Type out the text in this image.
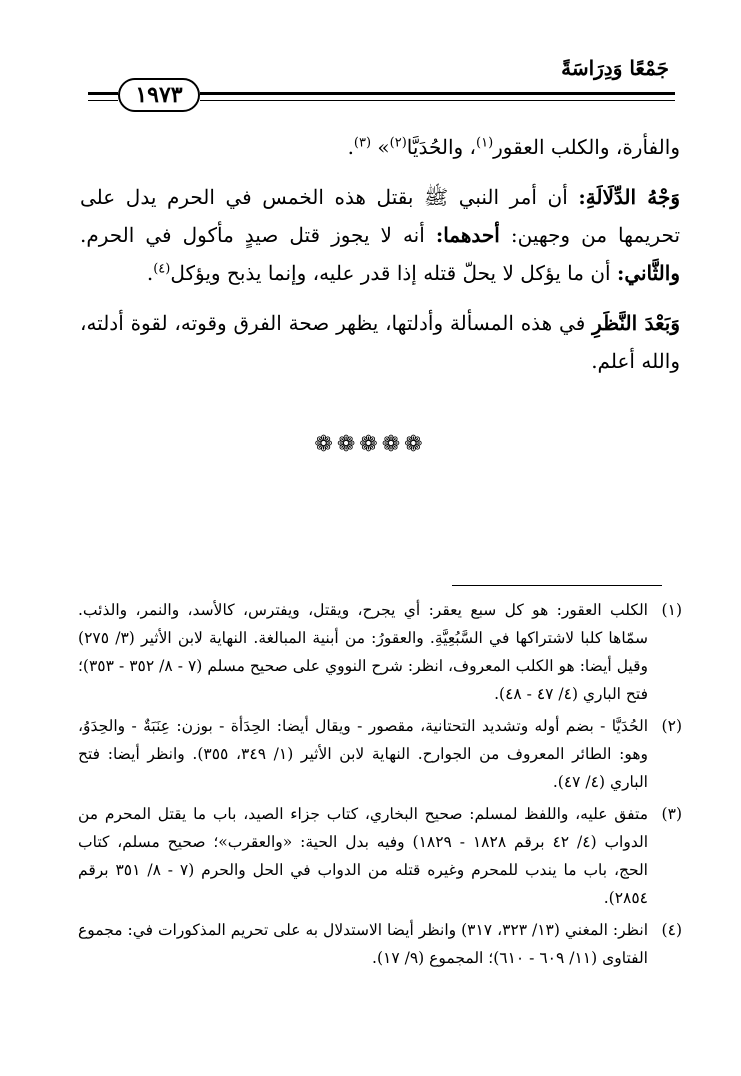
جَمْعًا وَدِرَاسَةً
١٩٧٣

والفأرة، والكلب العقور$^{(١)}$، والحُدَيَّا$^{(٢)}$» $^{(٣)}$.

وَجْهُ الدِّلَالَةِ: أن أمر النبي ﷺ بقتل هذه الخمس في الحرم يدل على تحريمها من وجهين: أحدهما: أنه لا يجوز قتل صيدٍ مأكول في الحرم. والثَّاني: أن ما يؤكل لا يحلّ قتله إذا قدر عليه، وإنما يذبح ويؤكل$^{(٤)}$.

وَبَعْدَ النَّظَرِ في هذه المسألة وأدلتها، يظهر صحة الفرق وقوته، لقوة أدلته، والله أعلم.

❁❁❁❁❁
(١)
الكلب العقور: هو كل سبع يعقر: أي يجرح، ويقتل، ويفترس، كالأسد، والنمر، والذئب. سمّاها كلبا لاشتراكها في السَّبُعِيَّةِ. والعقورُ: من أبنية المبالغة. النهاية لابن الأثير (٣/ ٢٧٥) وقيل أيضا: هو الكلب المعروف، انظر: شرح النووي على صحيح مسلم (٧ - ٨/ ٣٥٢ - ٣٥٣)؛ فتح الباري (٤/ ٤٧ - ٤٨).
(٢)
الحُدَيَّا - بضم أوله وتشديد التحتانية، مقصور - ويقال أيضا: الحِدَأة - بوزن: عِنَبَةٌ - والحِدَوُ، وهو: الطائر المعروف من الجوارح. النهاية لابن الأثير (١/ ٣٤٩، ٣٥٥). وانظر أيضا: فتح الباري (٤/ ٤٧).
(٣)
متفق عليه، واللفظ لمسلم: صحيح البخاري، كتاب جزاء الصيد، باب ما يقتل المحرم من الدواب (٤/ ٤٢ برقم ١٨٢٨ - ١٨٢٩) وفيه بدل الحية: «والعقرب»؛ صحيح مسلم، كتاب الحج، باب ما يندب للمحرم وغيره قتله من الدواب في الحل والحرم (٧ - ٨/ ٣٥١ برقم ٢٨٥٤).
(٤)
انظر: المغني (١٣/ ٣٢٣، ٣١٧) وانظر أيضا الاستدلال به على تحريم المذكورات في: مجموع الفتاوى (١١/ ٦٠٩ - ٦١٠)؛ المجموع (٩/ ١٧).
